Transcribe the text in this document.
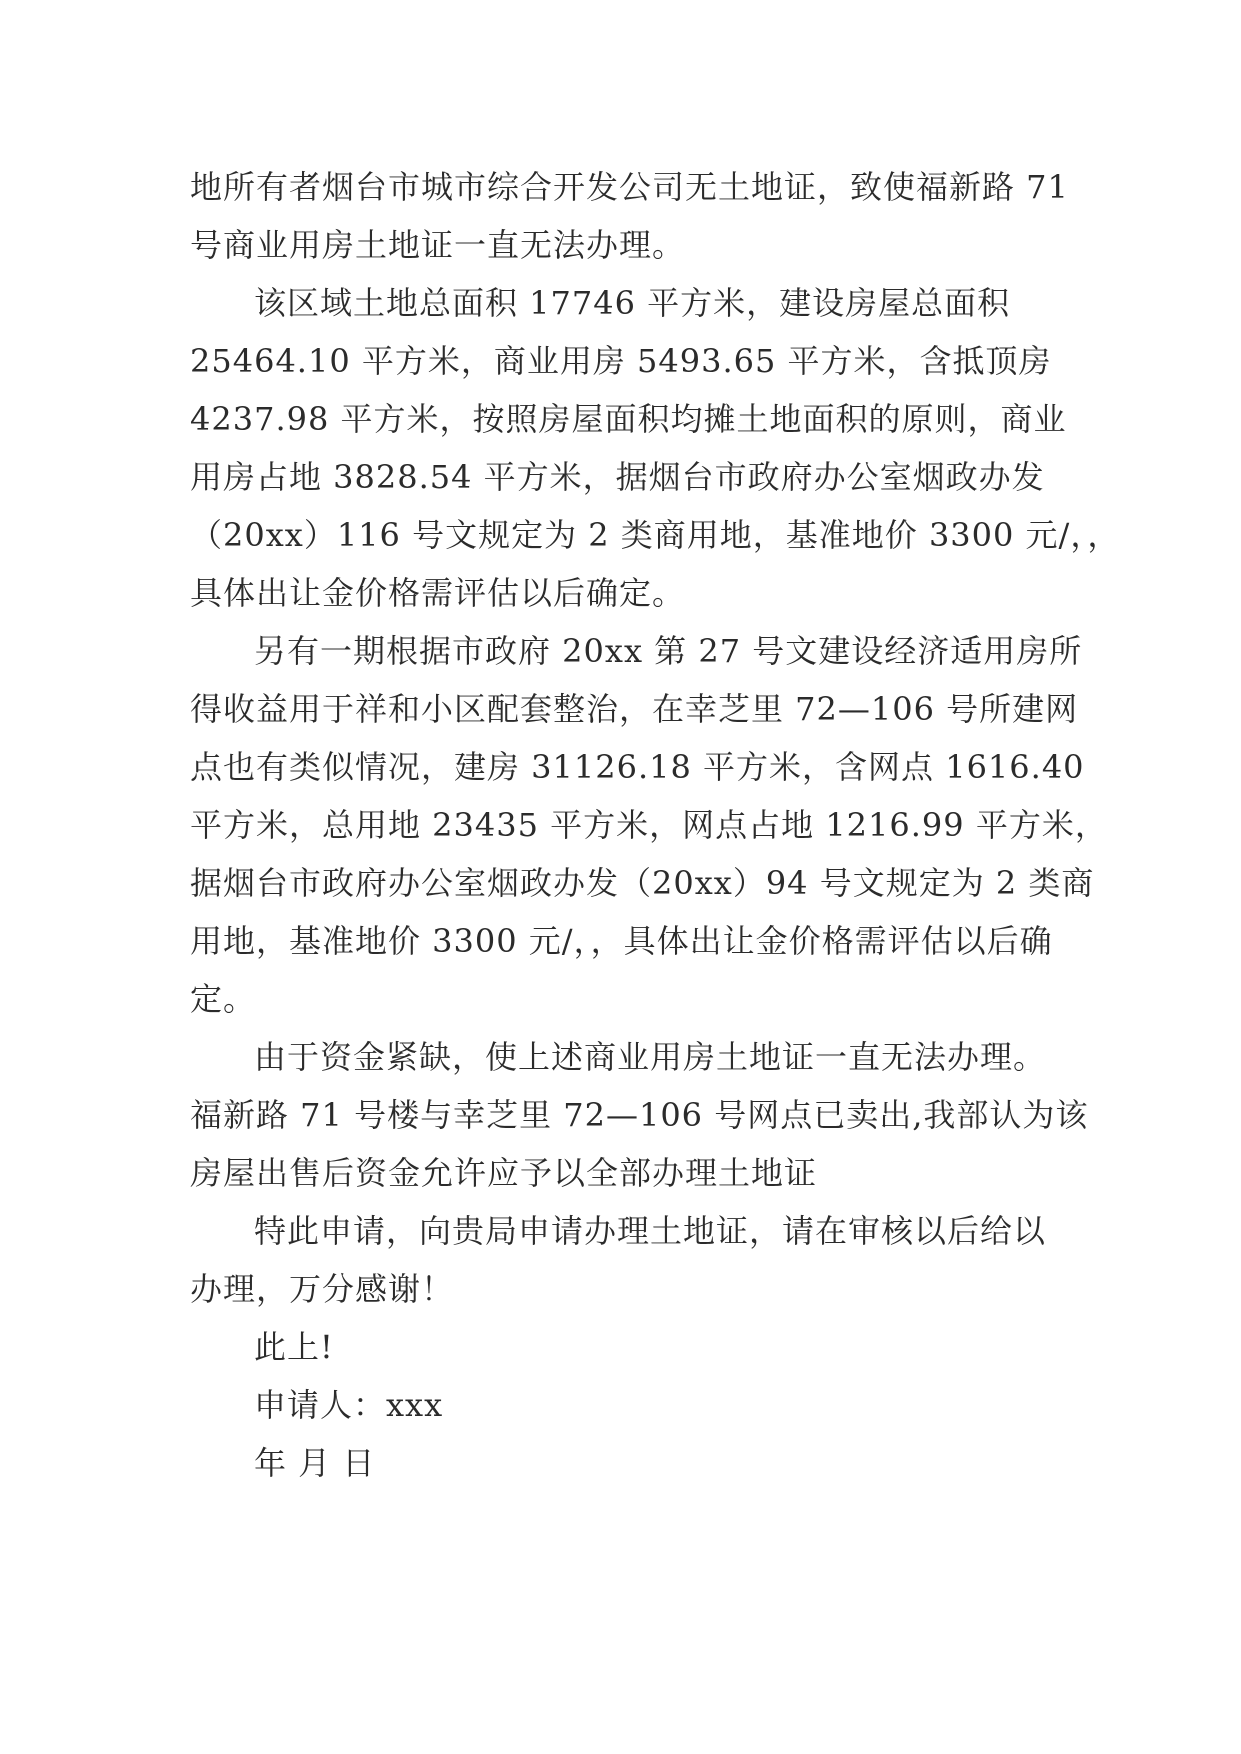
地所有者烟台市城市综合开发公司无土地证，致使福新路 71
号商业用房土地证一直无法办理。
该区域土地总面积 17746 平方米，建设房屋总面积
25464.10 平方米，商业用房 5493.65 平方米，含抵顶房
4237.98 平方米，按照房屋面积均摊土地面积的原则，商业
用房占地 3828.54 平方米，据烟台市政府办公室烟政办发
（20xx）116 号文规定为 2 类商用地，基准地价 3300 元/，，
具体出让金价格需评估以后确定。
另有一期根据市政府 20xx 第 27 号文建设经济适用房所
得收益用于祥和小区配套整治，在幸芝里 72—106 号所建网
点也有类似情况，建房 31126.18 平方米，含网点 1616.40
平方米，总用地 23435 平方米，网点占地 1216.99 平方米，
据烟台市政府办公室烟政办发（20xx）94 号文规定为 2 类商
用地，基准地价 3300 元/，，具体出让金价格需评估以后确
定。
由于资金紧缺，使上述商业用房土地证一直无法办理。
福新路 71 号楼与幸芝里 72—106 号网点已卖出,我部认为该
房屋出售后资金允许应予以全部办理土地证
特此申请，向贵局申请办理土地证，请在审核以后给以
办理，万分感谢！
此上!
申请人：xxx
年 月 日
